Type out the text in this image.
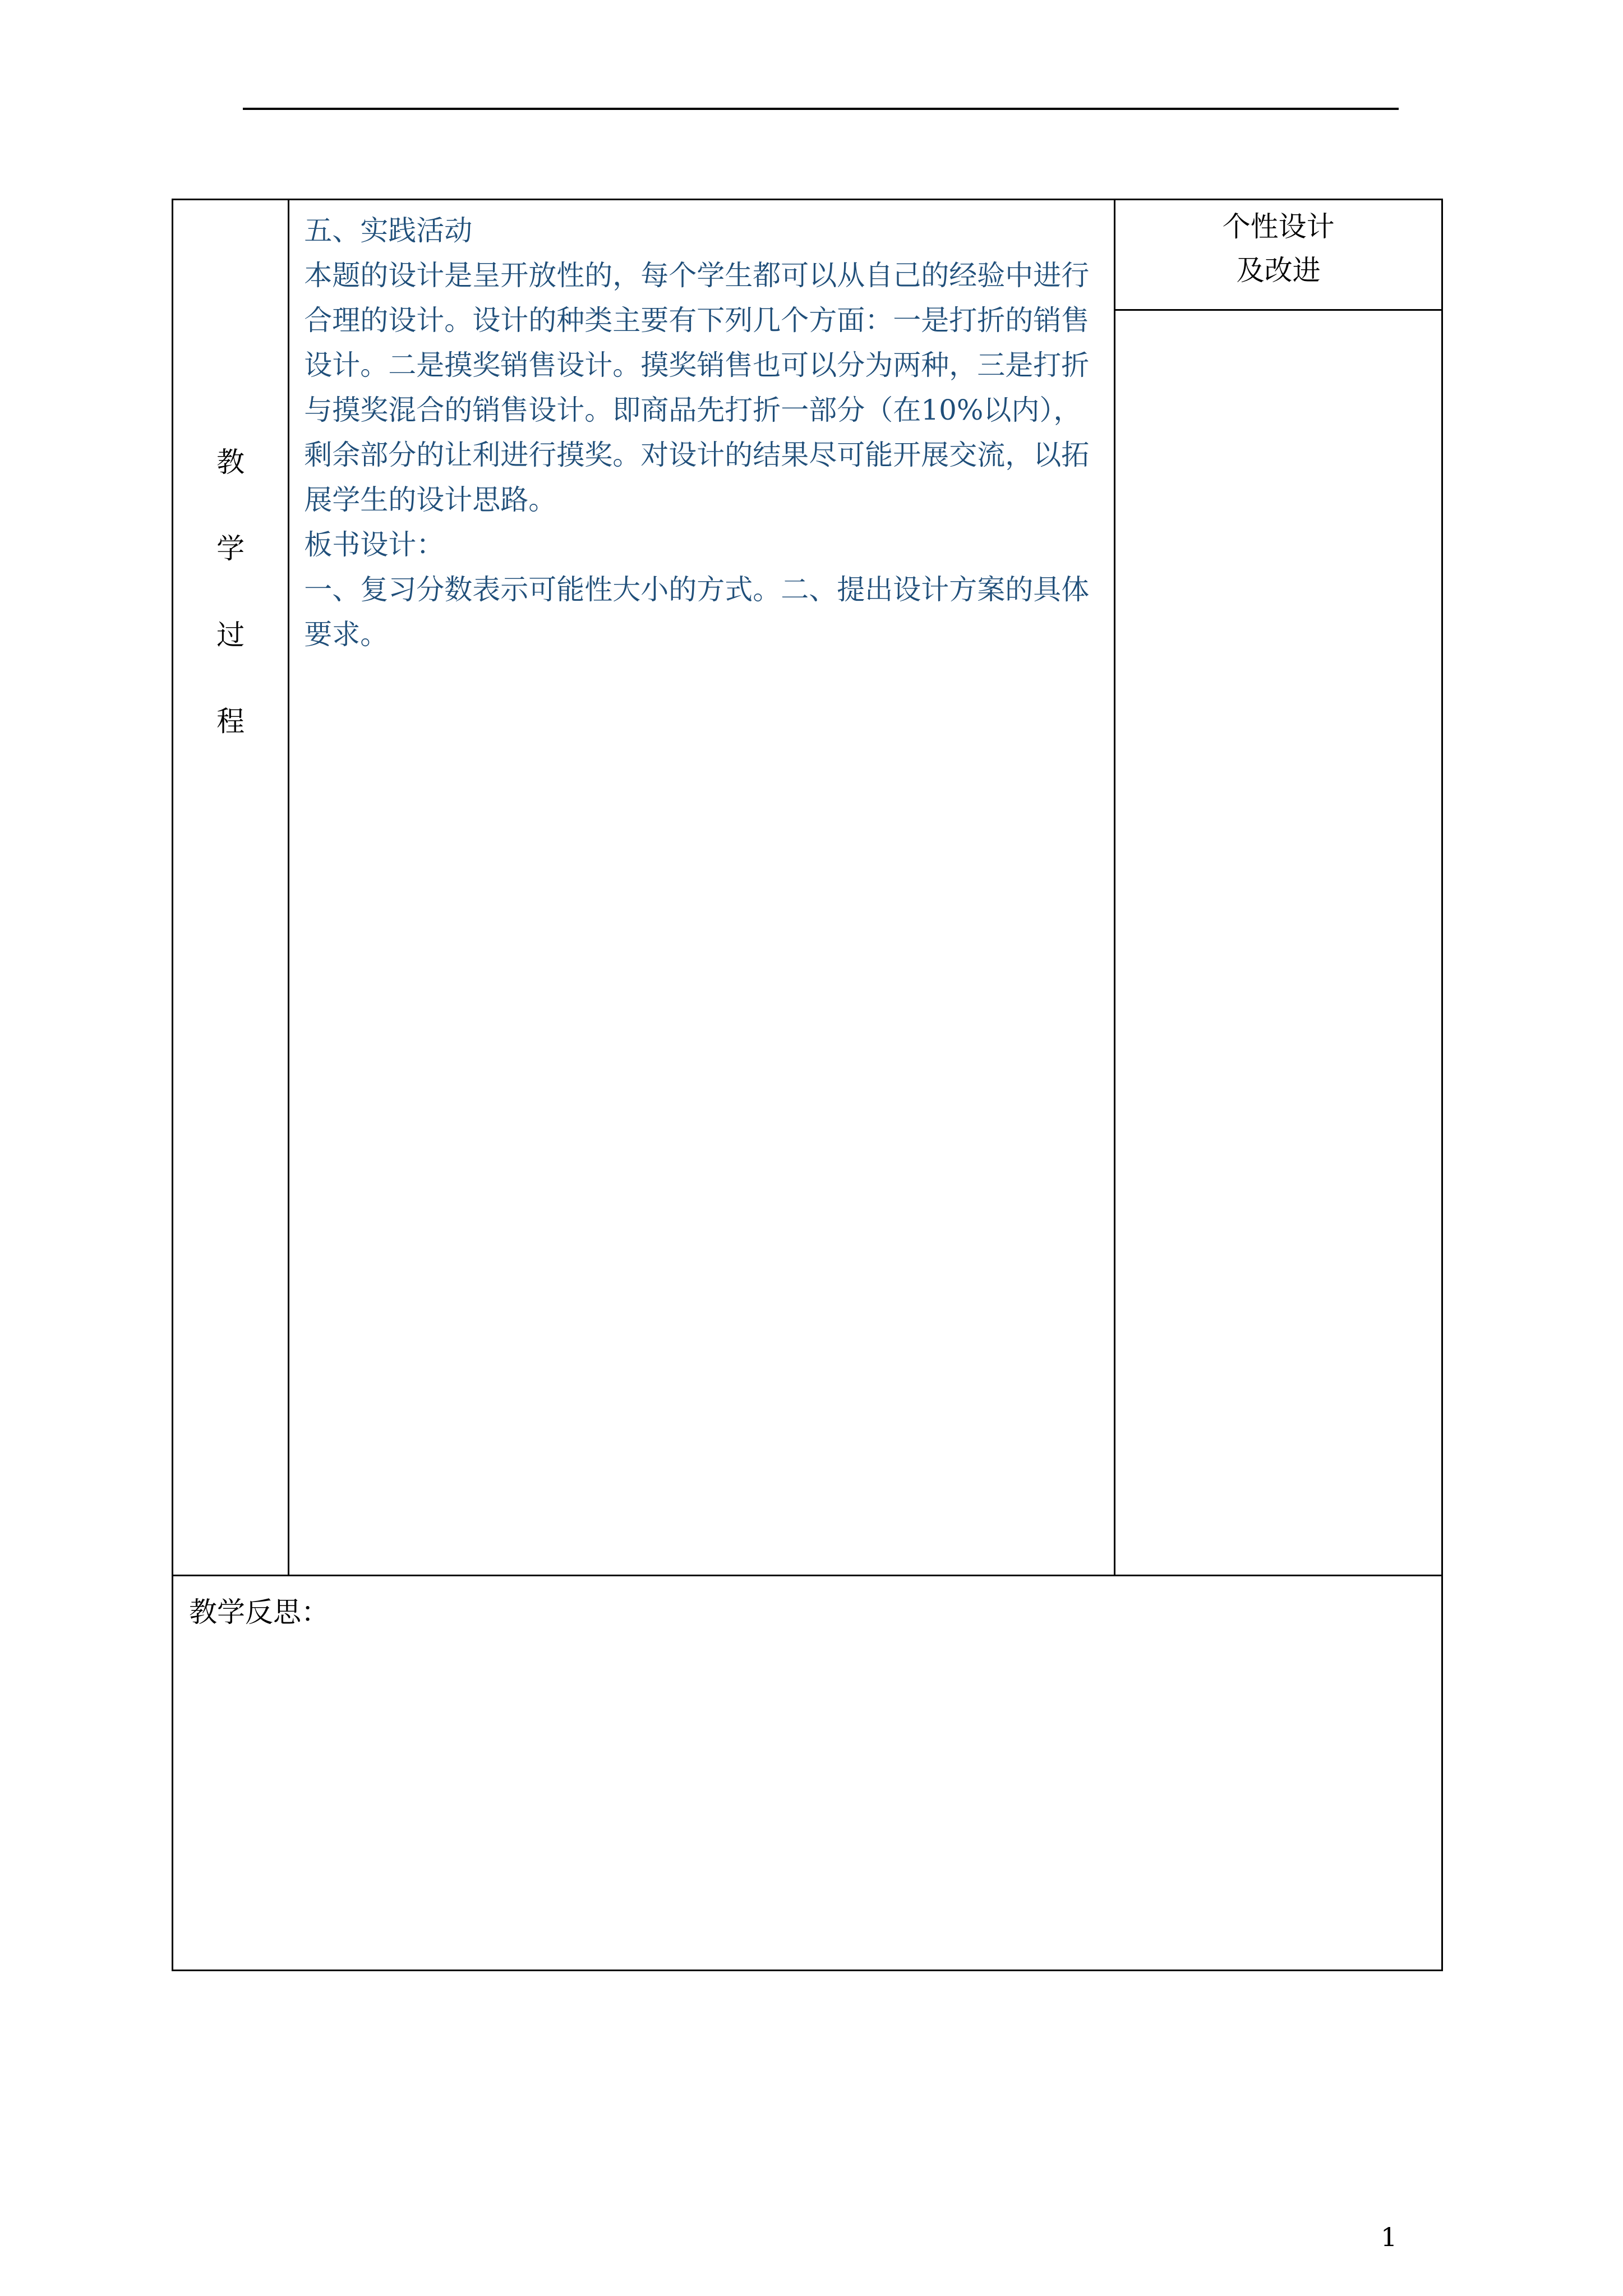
教
学
过
程

五、实践活动

本题的设计是呈开放性的，每个学生都可以从自己的经验中进行合理的设计。设计的种类主要有下列几个方面：一是打折的销售设计。二是摸奖销售设计。摸奖销售也可以分为两种，三是打折与摸奖混合的销售设计。即商品先打折一部分（在10%以内），剩余部分的让利进行摸奖。对设计的结果尽可能开展交流，以拓展学生的设计思路。

板书设计：

一、复习分数表示可能性大小的方式。二、提出设计方案的具体要求。

个性设计
及改进

教学反思：
1
